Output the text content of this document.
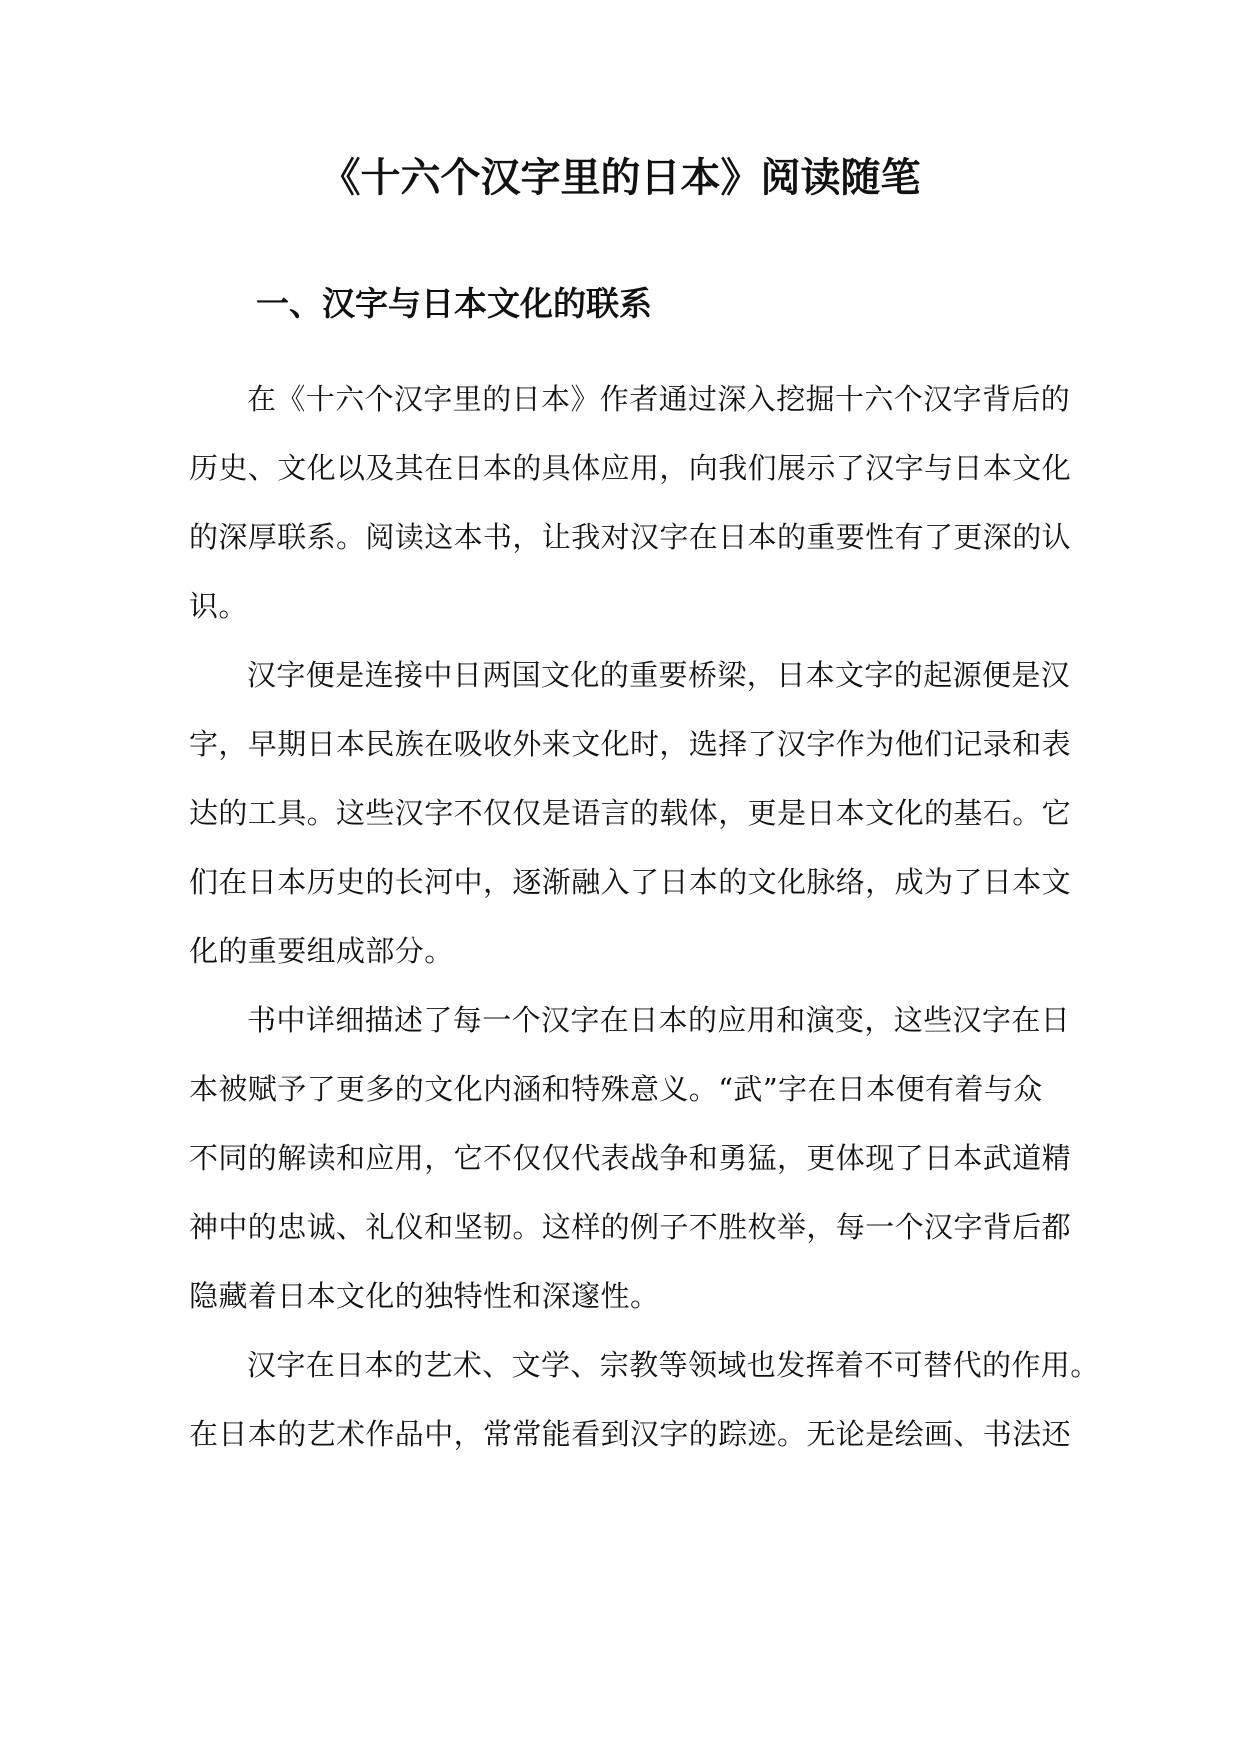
《十六个汉字里的日本》阅读随笔
一、汉字与日本文化的联系
在《十六个汉字里的日本》作者通过深入挖掘十六个汉字背后的
历史、文化以及其在日本的具体应用，向我们展示了汉字与日本文化
的深厚联系。阅读这本书，让我对汉字在日本的重要性有了更深的认
识。
汉字便是连接中日两国文化的重要桥梁，日本文字的起源便是汉
字，早期日本民族在吸收外来文化时，选择了汉字作为他们记录和表
达的工具。这些汉字不仅仅是语言的载体，更是日本文化的基石。它
们在日本历史的长河中，逐渐融入了日本的文化脉络，成为了日本文
化的重要组成部分。
书中详细描述了每一个汉字在日本的应用和演变，这些汉字在日
本被赋予了更多的文化内涵和特殊意义。“武”字在日本便有着与众
不同的解读和应用，它不仅仅代表战争和勇猛，更体现了日本武道精
神中的忠诚、礼仪和坚韧。这样的例子不胜枚举，每一个汉字背后都
隐藏着日本文化的独特性和深邃性。
汉字在日本的艺术、文学、宗教等领域也发挥着不可替代的作用。
在日本的艺术作品中，常常能看到汉字的踪迹。无论是绘画、书法还
